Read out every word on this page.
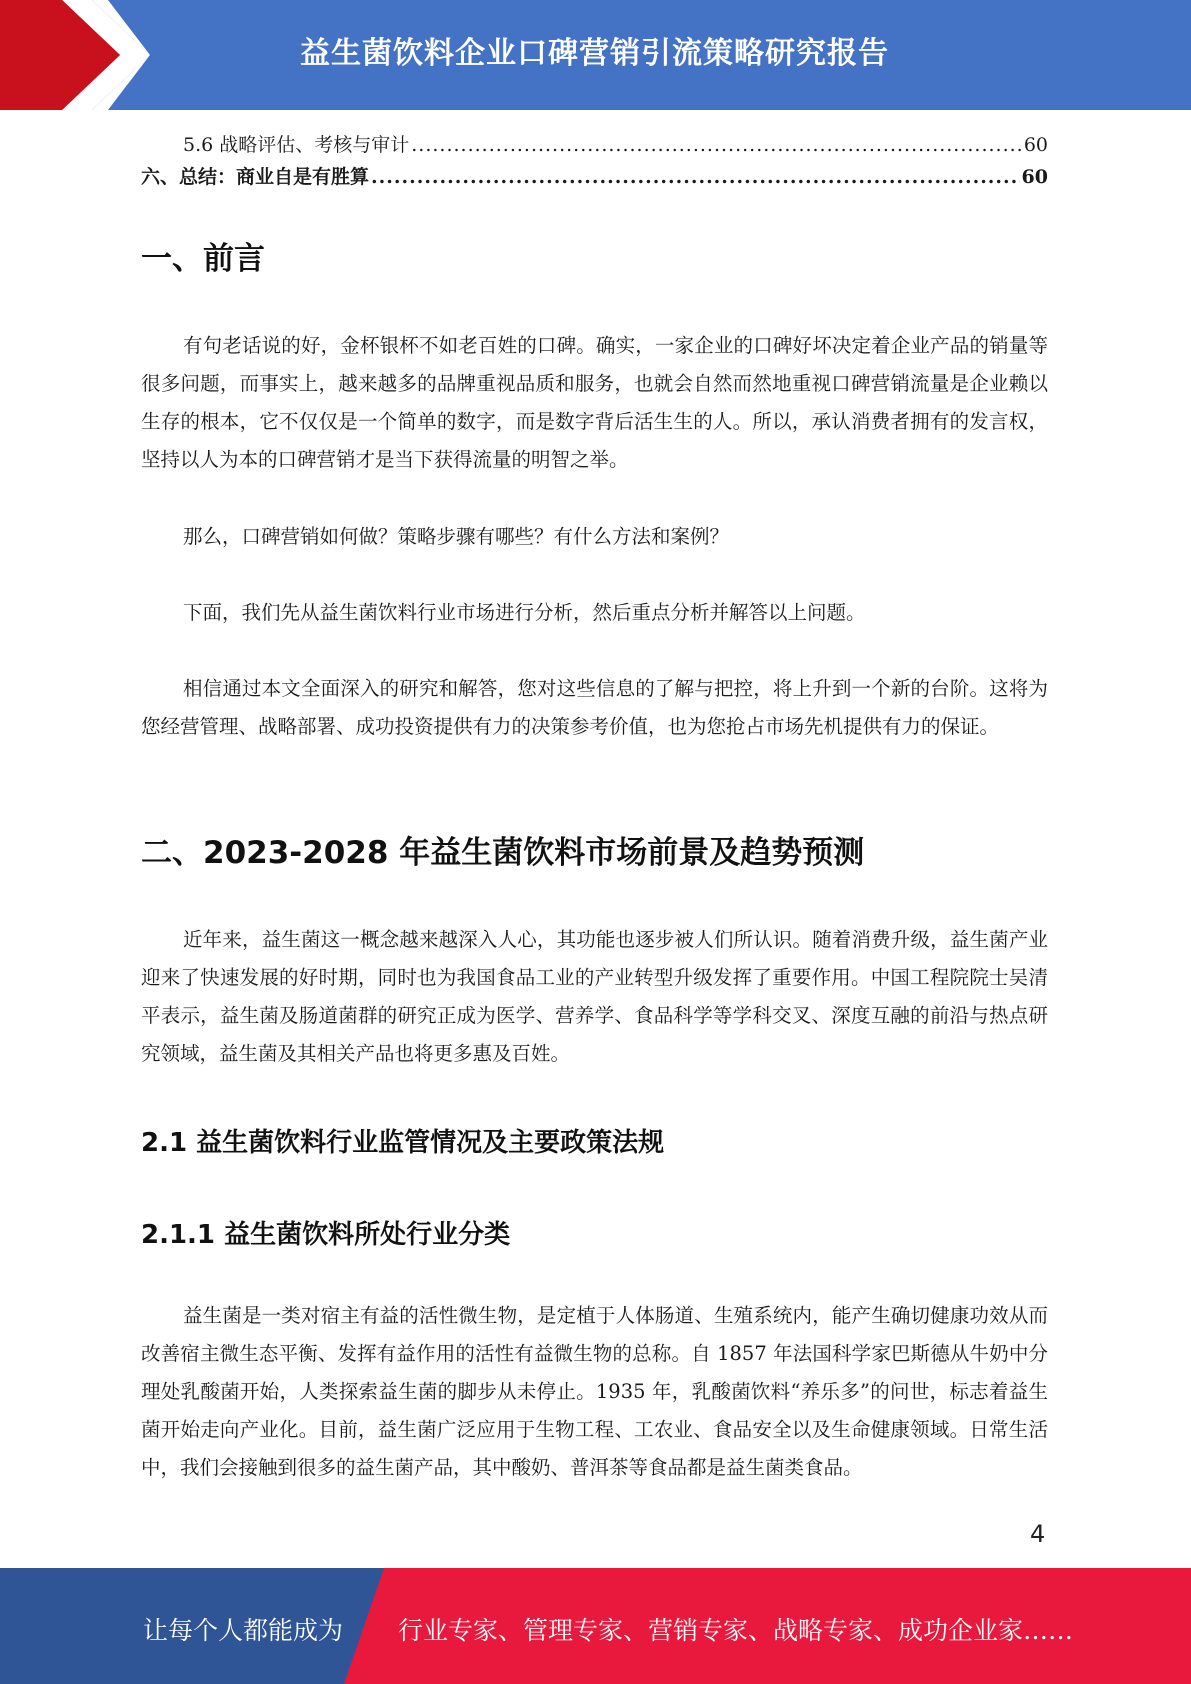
益生菌饮料企业口碑营销引流策略研究报告
5.6 战略评估、考核与审计 .....	60
六、总结：商业自是有胜算 .....	60
一、前言

有句老话说的好，金杯银杯不如老百姓的口碑。确实，一家企业的口碑好坏决定着企业产品的销量等很多问题，而事实上，越来越多的品牌重视品质和服务，也就会自然而然地重视口碑营销流量是企业赖以生存的根本，它不仅仅是一个简单的数字，而是数字背后活生生的人。所以，承认消费者拥有的发言权，坚持以人为本的口碑营销才是当下获得流量的明智之举。

那么，口碑营销如何做？策略步骤有哪些？有什么方法和案例？

下面，我们先从益生菌饮料行业市场进行分析，然后重点分析并解答以上问题。

相信通过本文全面深入的研究和解答，您对这些信息的了解与把控，将上升到一个新的台阶。这将为您经营管理、战略部署、成功投资提供有力的决策参考价值，也为您抢占市场先机提供有力的保证。

二、2023-2028 年益生菌饮料市场前景及趋势预测

近年来，益生菌这一概念越来越深入人心，其功能也逐步被人们所认识。随着消费升级，益生菌产业迎来了快速发展的好时期，同时也为我国食品工业的产业转型升级发挥了重要作用。中国工程院院士吴清平表示，益生菌及肠道菌群的研究正成为医学、营养学、食品科学等学科交叉、深度互融的前沿与热点研究领域，益生菌及其相关产品也将更多惠及百姓。

2.1 益生菌饮料行业监管情况及主要政策法规
2.1.1 益生菌饮料所处行业分类

益生菌是一类对宿主有益的活性微生物，是定植于人体肠道、生殖系统内，能产生确切健康功效从而改善宿主微生态平衡、发挥有益作用的活性有益微生物的总称。自 1857 年法国科学家巴斯德从牛奶中分理处乳酸菌开始，人类探索益生菌的脚步从未停止。1935 年，乳酸菌饮料“养乐多”的问世，标志着益生菌开始走向产业化。目前，益生菌广泛应用于生物工程、工农业、食品安全以及生命健康领域。日常生活中，我们会接触到很多的益生菌产品，其中酸奶、普洱茶等食品都是益生菌类食品。

4
让每个人都能成为 行业专家、管理专家、营销专家、战略专家、成功企业家……
